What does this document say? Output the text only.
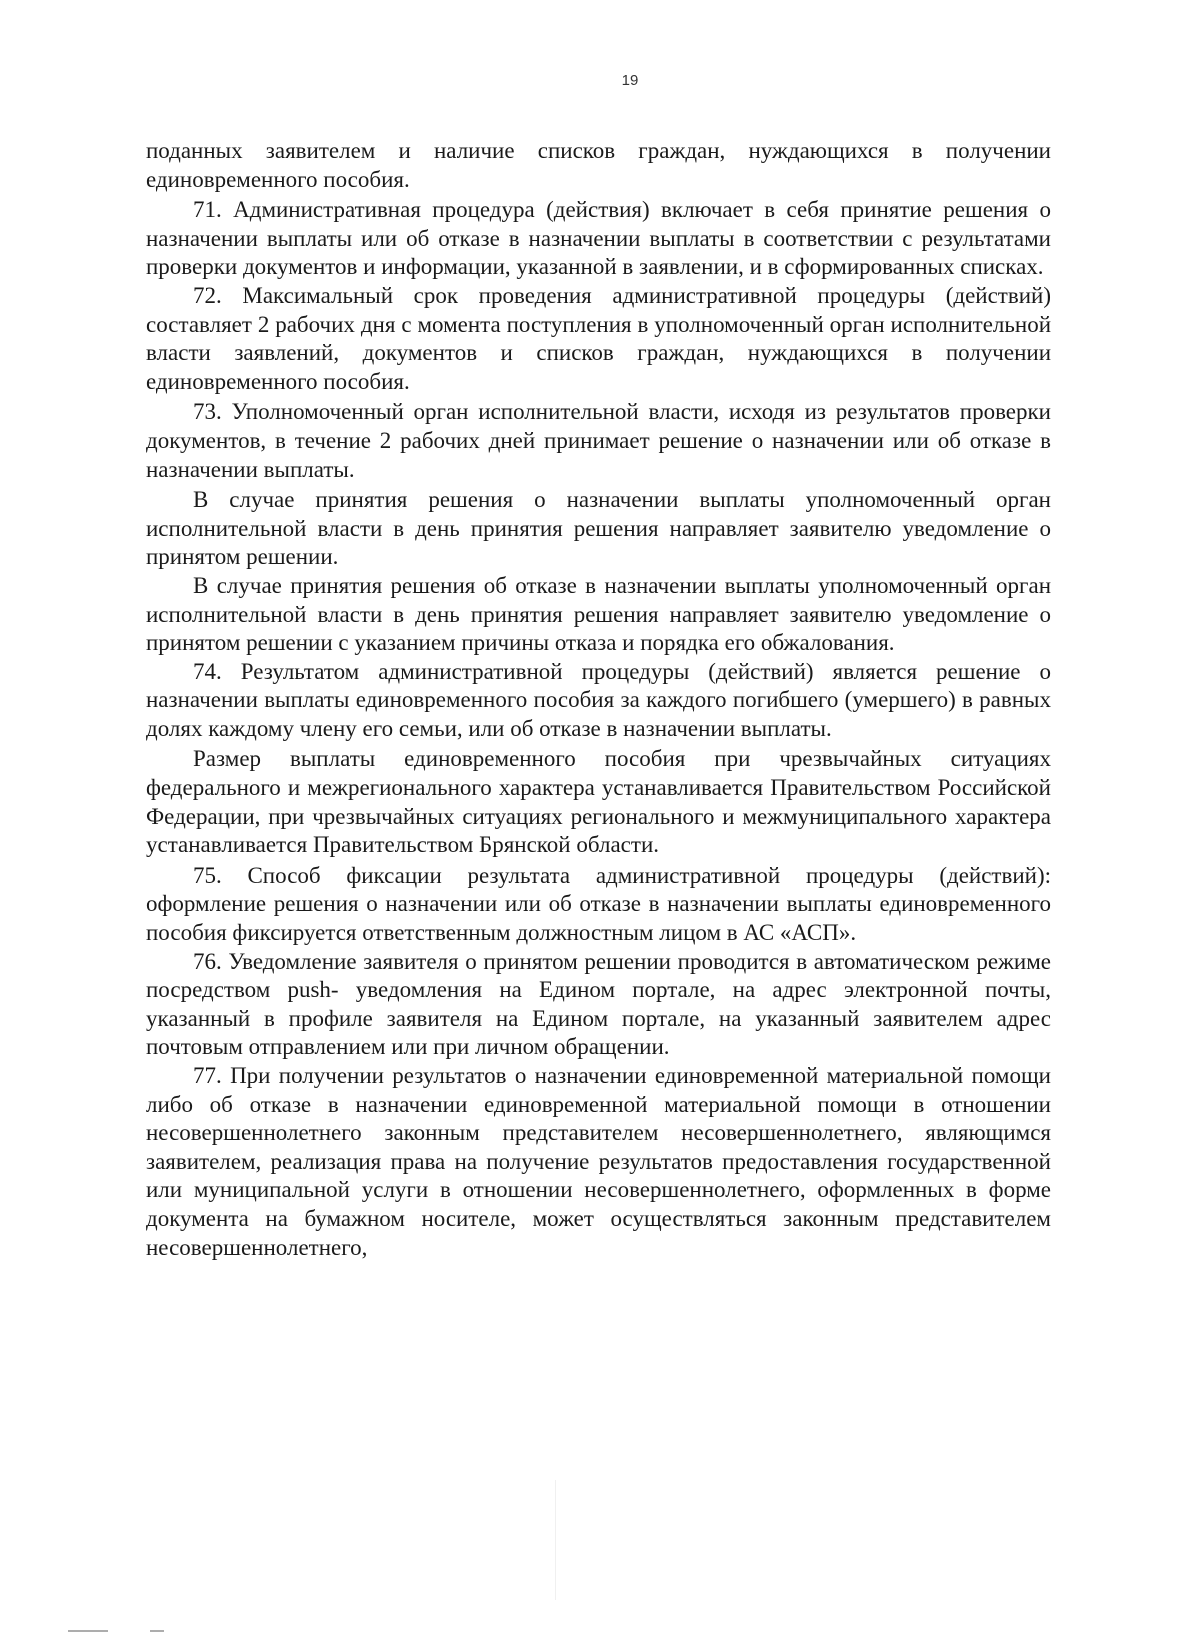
19

поданных заявителем и наличие списков граждан, нуждающихся в получении единовременного пособия.

71. Административная процедура (действия) включает в себя принятие решения о назначении выплаты или об отказе в назначении выплаты в соответствии с результатами проверки документов и информации, указанной в заявлении, и в сформированных списках.

72. Максимальный срок проведения административной процедуры (действий) составляет 2 рабочих дня с момента поступления в уполномоченный орган исполнительной власти заявлений, документов и списков граждан, нуждающихся в получении единовременного пособия.

73. Уполномоченный орган исполнительной власти, исходя из результатов проверки документов, в течение 2 рабочих дней принимает решение о назначении или об отказе в назначении выплаты.

В случае принятия решения о назначении выплаты уполномоченный орган исполнительной власти в день принятия решения направляет заявителю уведомление о принятом решении.

В случае принятия решения об отказе в назначении выплаты уполномоченный орган исполнительной власти в день принятия решения направляет заявителю уведомление о принятом решении с указанием причины отказа и порядка его обжалования.

74. Результатом административной процедуры (действий) является решение о назначении выплаты единовременного пособия за каждого погибшего (умершего) в равных долях каждому члену его семьи, или об отказе в назначении выплаты.

Размер выплаты единовременного пособия при чрезвычайных ситуациях федерального и межрегионального характера устанавливается Правительством Российской Федерации, при чрезвычайных ситуациях регионального и межмуниципального характера устанавливается Правительством Брянской области.

75. Способ фиксации результата административной процедуры (действий): оформление решения о назначении или об отказе в назначении выплаты единовременного пособия фиксируется ответственным должностным лицом в АС «АСП».

76. Уведомление заявителя о принятом решении проводится в автоматическом режиме посредством push- уведомления на Едином портале, на адрес электронной почты, указанный в профиле заявителя на Едином портале, на указанный заявителем адрес почтовым отправлением или при личном обращении.

77. При получении результатов о назначении единовременной материальной помощи либо об отказе в назначении единовременной материальной помощи в отношении несовершеннолетнего законным представителем несовершеннолетнего, являющимся заявителем, реализация права на получение результатов предоставления государственной или муниципальной услуги в отношении несовершеннолетнего, оформленных в форме документа на бумажном носителе, может осуществляться законным представителем несовершеннолетнего,
